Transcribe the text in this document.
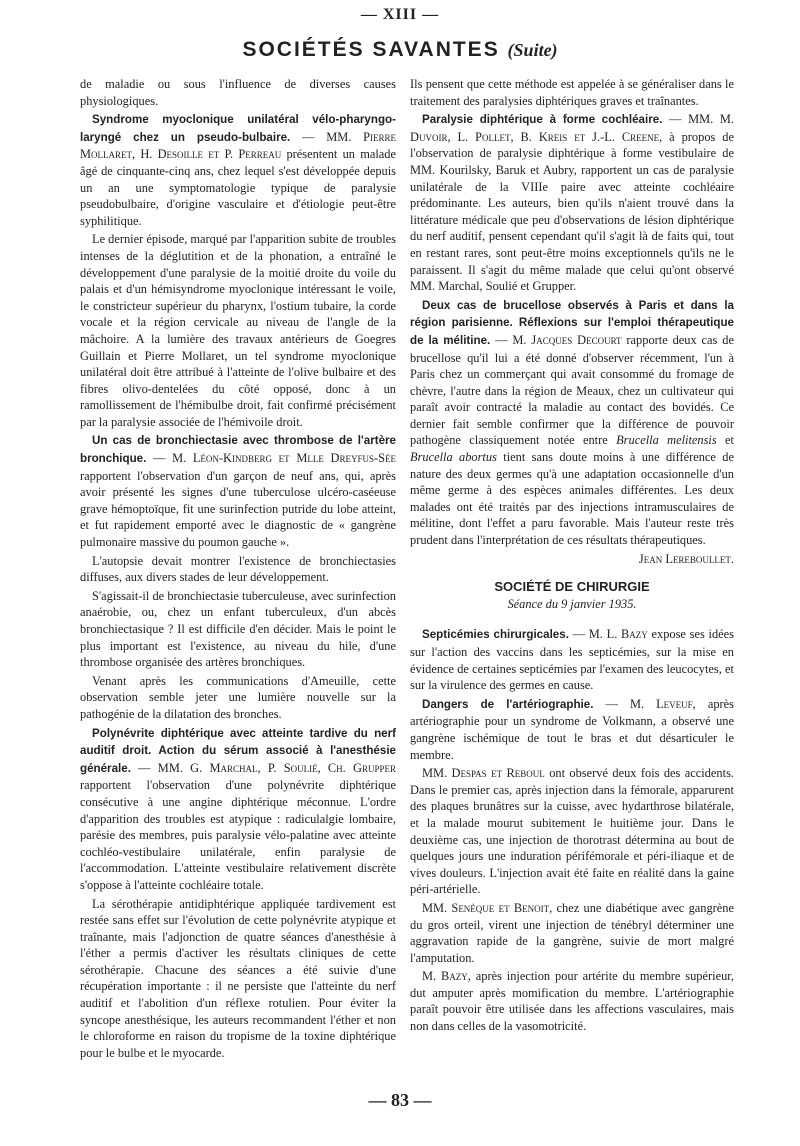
— XIII —
SOCIÉTÉS SAVANTES (Suite)

de maladie ou sous l'influence de diverses causes physiologiques.

Syndrome myoclonique unilatéral vélo-pharyngo-laryngé chez un pseudo-bulbaire. — MM. Pierre Mollaret, H. Desoille et P. Perreau présentent un malade âgé de cinquante-cinq ans, chez lequel s'est développée depuis un an une symptomatologie typique de paralysie pseudobulbaire, d'origine vasculaire et d'étiologie peut-être syphilitique.

Le dernier épisode, marqué par l'apparition subite de troubles intenses de la déglutition et de la phonation, a entraîné le développement d'une paralysie de la moitié droite du voile du palais et d'un hémisyndrome myoclonique intéressant le voile, le constricteur supérieur du pharynx, l'ostium tubaire, la corde vocale et la région cervicale au niveau de l'angle de la mâchoire. A la lumière des travaux antérieurs de Goegres Guillain et Pierre Mollaret, un tel syndrome myoclonique unilatéral doit être attribué à l'atteinte de l'olive bulbaire et des fibres olivo-dentelées du côté opposé, donc à un ramollissement de l'hémibulbe droit, fait confirmé précisément par la paralysie associée de l'hémivoile droit.

Un cas de bronchiectasie avec thrombose de l'artère bronchique. — M. Léon-Kindberg et Mlle Dreyfus-Sée rapportent l'observation d'un garçon de neuf ans, qui, après avoir présenté les signes d'une tuberculose ulcéro-caséeuse grave hémoptoïque, fit une surinfection putride du lobe atteint, et fut rapidement emporté avec le diagnostic de « gangrène pulmonaire massive du poumon gauche ».

L'autopsie devait montrer l'existence de bronchiectasies diffuses, aux divers stades de leur développement.

S'agissait-il de bronchiectasie tuberculeuse, avec surinfection anaérobie, ou, chez un enfant tuberculeux, d'un abcès bronchiectasique ? Il est difficile d'en décider. Mais le point le plus important est l'existence, au niveau du hile, d'une thrombose organisée des artères bronchiques.

Venant après les communications d'Ameuille, cette observation semble jeter une lumière nouvelle sur la pathogénie de la dilatation des bronches.

Polynévrite diphtérique avec atteinte tardive du nerf auditif droit. Action du sérum associé à l'anesthésie générale. — MM. G. Marchal, P. Soulié, Ch. Grupper rapportent l'observation d'une polynévrite diphtérique consécutive à une angine diphtérique méconnue. L'ordre d'apparition des troubles est atypique : radiculalgie lombaire, parésie des membres, puis paralysie vélo-palatine avec atteinte cochléo-vestibulaire unilatérale, enfin paralysie de l'accommodation. L'atteinte vestibulaire relativement discrète s'oppose à l'atteinte cochléaire totale.

La sérothérapie antidiphtérique appliquée tardivement est restée sans effet sur l'évolution de cette polynévrite atypique et traînante, mais l'adjonction de quatre séances d'anesthésie à l'éther a permis d'activer les résultats cliniques de cette sérothérapie. Chacune des séances a été suivie d'une récupération importante : il ne persiste que l'atteinte du nerf auditif et l'abolition d'un réflexe rotulien. Pour éviter la syncope anesthésique, les auteurs recommandent l'éther et non le chloroforme en raison du tropisme de la toxine diphtérique pour le bulbe et le myocarde.

Ils pensent que cette méthode est appelée à se généraliser dans le traitement des paralysies diphtériques graves et traînantes.

Paralysie diphtérique à forme cochléaire. — MM. M. Duvoir, L. Pollet, B. Kreis et J.-L. Creene, à propos de l'observation de paralysie diphtérique à forme vestibulaire de MM. Kourilsky, Baruk et Aubry, rapportent un cas de paralysie unilatérale de la VIIIe paire avec atteinte cochléaire prédominante. Les auteurs, bien qu'ils n'aient trouvé dans la littérature médicale que peu d'observations de lésion diphtérique du nerf auditif, pensent cependant qu'il s'agit là de faits qui, tout en restant rares, sont peut-être moins exceptionnels qu'ils ne le paraissent. Il s'agit du même malade que celui qu'ont observé MM. Marchal, Soulié et Grupper.

Deux cas de brucellose observés à Paris et dans la région parisienne. Réflexions sur l'emploi thérapeutique de la mélitine. — M. Jacques Decourt rapporte deux cas de brucellose qu'il lui a été donné d'observer récemment, l'un à Paris chez un commerçant qui avait consommé du fromage de chèvre, l'autre dans la région de Meaux, chez un cultivateur qui paraît avoir contracté la maladie au contact des bovidés. Ce dernier fait semble confirmer que la différence de pouvoir pathogène classiquement notée entre Brucella melitensis et Brucella abortus tient sans doute moins à une différence de nature des deux germes qu'à une adaptation occasionnelle d'un même germe à des espèces animales différentes. Les deux malades ont été traités par des injections intramusculaires de mélitine, dont l'effet a paru favorable. Mais l'auteur reste très prudent dans l'interprétation de ces résultats thérapeutiques.

Jean Lereboullet.
SOCIÉTÉ DE CHIRURGIE
Séance du 9 janvier 1935.

Septicémies chirurgicales. — M. L. Bazy expose ses idées sur l'action des vaccins dans les septicémies, sur la mise en évidence de certaines septicémies par l'examen des leucocytes, et sur la virulence des germes en cause.

Dangers de l'artériographie. — M. Leveuf, après artériographie pour un syndrome de Volkmann, a observé une gangrène ischémique de tout le bras et dut désarticuler le membre.

MM. Despas et Reboul ont observé deux fois des accidents. Dans le premier cas, après injection dans la fémorale, apparurent des plaques brunâtres sur la cuisse, avec hydarthrose bilatérale, et la malade mourut subitement le huitième jour. Dans le deuxième cas, une injection de thorotrast détermina au bout de quelques jours une induration périfémorale et péri-iliaque et de vives douleurs. L'injection avait été faite en réalité dans la gaine péri-artérielle.

MM. Senèque et Benoit, chez une diabétique avec gangrène du gros orteil, virent une injection de ténébryl déterminer une aggravation rapide de la gangrène, suivie de mort malgré l'amputation.

M. Bazy, après injection pour artérite du membre supérieur, dut amputer après momification du membre. L'artériographie paraît pouvoir être utilisée dans les affections vasculaires, mais non dans celles de la vasomotricité.

— 83 —
